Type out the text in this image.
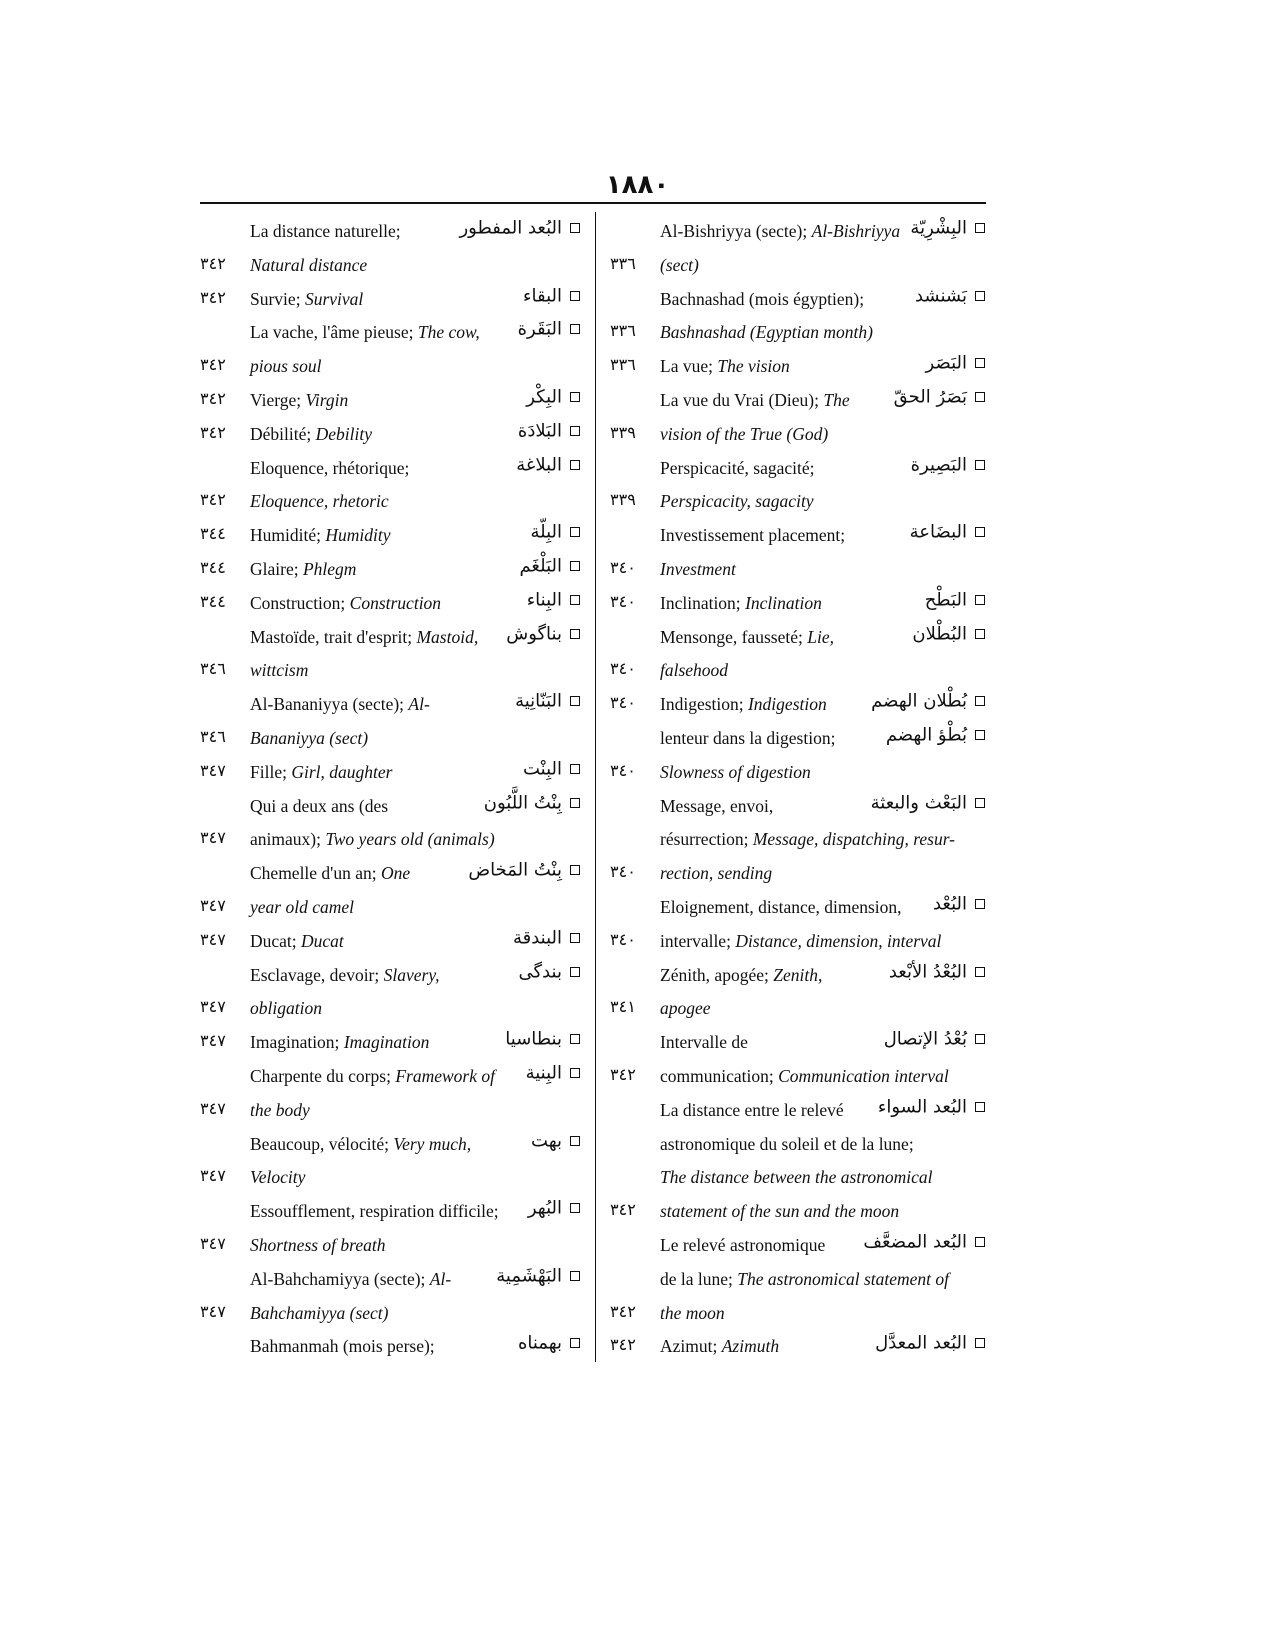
١٨٨٠
La distance naturelle;	البُعد المفطور
٣٤٢ Natural distance
٣٤٢ Survie; Survival	البقاء
La vache, l'âme pieuse; The cow, البَقَرة
٣٤٢ pious soul
٣٤٢ Vierge; Virgin	البِكْر
٣٤٢ Débilité; Debility	البَلادَة
Eloquence, rhétorique;	البلاغة
٣٤٢ Eloquence, rhetoric
٣٤٤ Humidité; Humidity	البِلّة
٣٤٤ Glaire; Phlegm	البَلْغَم
٣٤٤ Construction; Construction	البِناء
Mastoïde, trait d'esprit; Mastoid, بناگوش
٣٤٦ wittcism
Al-Bananiyya (secte); Al-	البَنّانِية
٣٤٦ Bananiyya (sect)
٣٤٧ Fille; Girl, daughter	البِنْت
Qui a deux ans (des	بِنْتُ اللَّبُون
٣٤٧ animaux); Two years old (animals)
Chemelle d'un an; One	بِنْتُ المَخاض
٣٤٧ year old camel
٣٤٧ Ducat; Ducat	البندقة
Esclavage, devoir; Slavery,	بندگى
٣٤٧ obligation
٣٤٧ Imagination; Imagination	بنطاسيا
Charpente du corps; Framework of البِنية
٣٤٧ the body
Beaucoup, vélocité; Very much,	بهت
٣٤٧ Velocity
Essoufflement, respiration difficile; البُهر
٣٤٧ Shortness of breath
Al-Bahchamiyya (secte); Al-	البَهْشَمِية
٣٤٧ Bahchamiyya (sect)
Bahmanmah (mois perse);	بهمناه
Al-Bishriyya (secte); Al-Bishriyya البِشْرِيّة
٣٣٦ (sect)
Bachnashad (mois égyptien);	بَشنشد
٣٣٦ Bashnashad (Egyptian month)
٣٣٦ La vue; The vision	البَصَر
La vue du Vrai (Dieu); The بَصَرُ الحقّ
٣٣٩ vision of the True (God)
Perspicacité, sagacité;	البَصِيرة
٣٣٩ Perspicacity, sagacity
Investissement placement;	البضَاعة
٣٤٠ Investment
٣٤٠ Inclination; Inclination	البَطْح
Mensonge, fausseté; Lie,	البُطْلان
٣٤٠ falsehood
٣٤٠ Indigestion; Indigestion بُطْلان الهضم
lenteur dans la digestion;	بُطْؤ الهضم
٣٤٠ Slowness of digestion
Message, envoi,	البَعْث والبعثة
résurrection; Message, dispatching, resur-
٣٤٠ rection, sending
Eloignement, distance, dimension, البُعْد
٣٤٠ intervalle; Distance, dimension, interval
Zénith, apogée; Zenith,	البُعْدُ الأبْعد
٣٤١ apogee
Intervalle de	بُعْدُ الإتصال
٣٤٢ communication; Communication interval
La distance entre le relevé البُعد السواء
astronomique du soleil et de la lune;
The distance between the astronomical
٣٤٢ statement of the sun and the moon
Le relevé astronomique البُعد المضعَّف
de la lune; The astronomical statement of
٣٤٢ the moon
٣٤٢ Azimut; Azimuth	البُعد المعدَّل
